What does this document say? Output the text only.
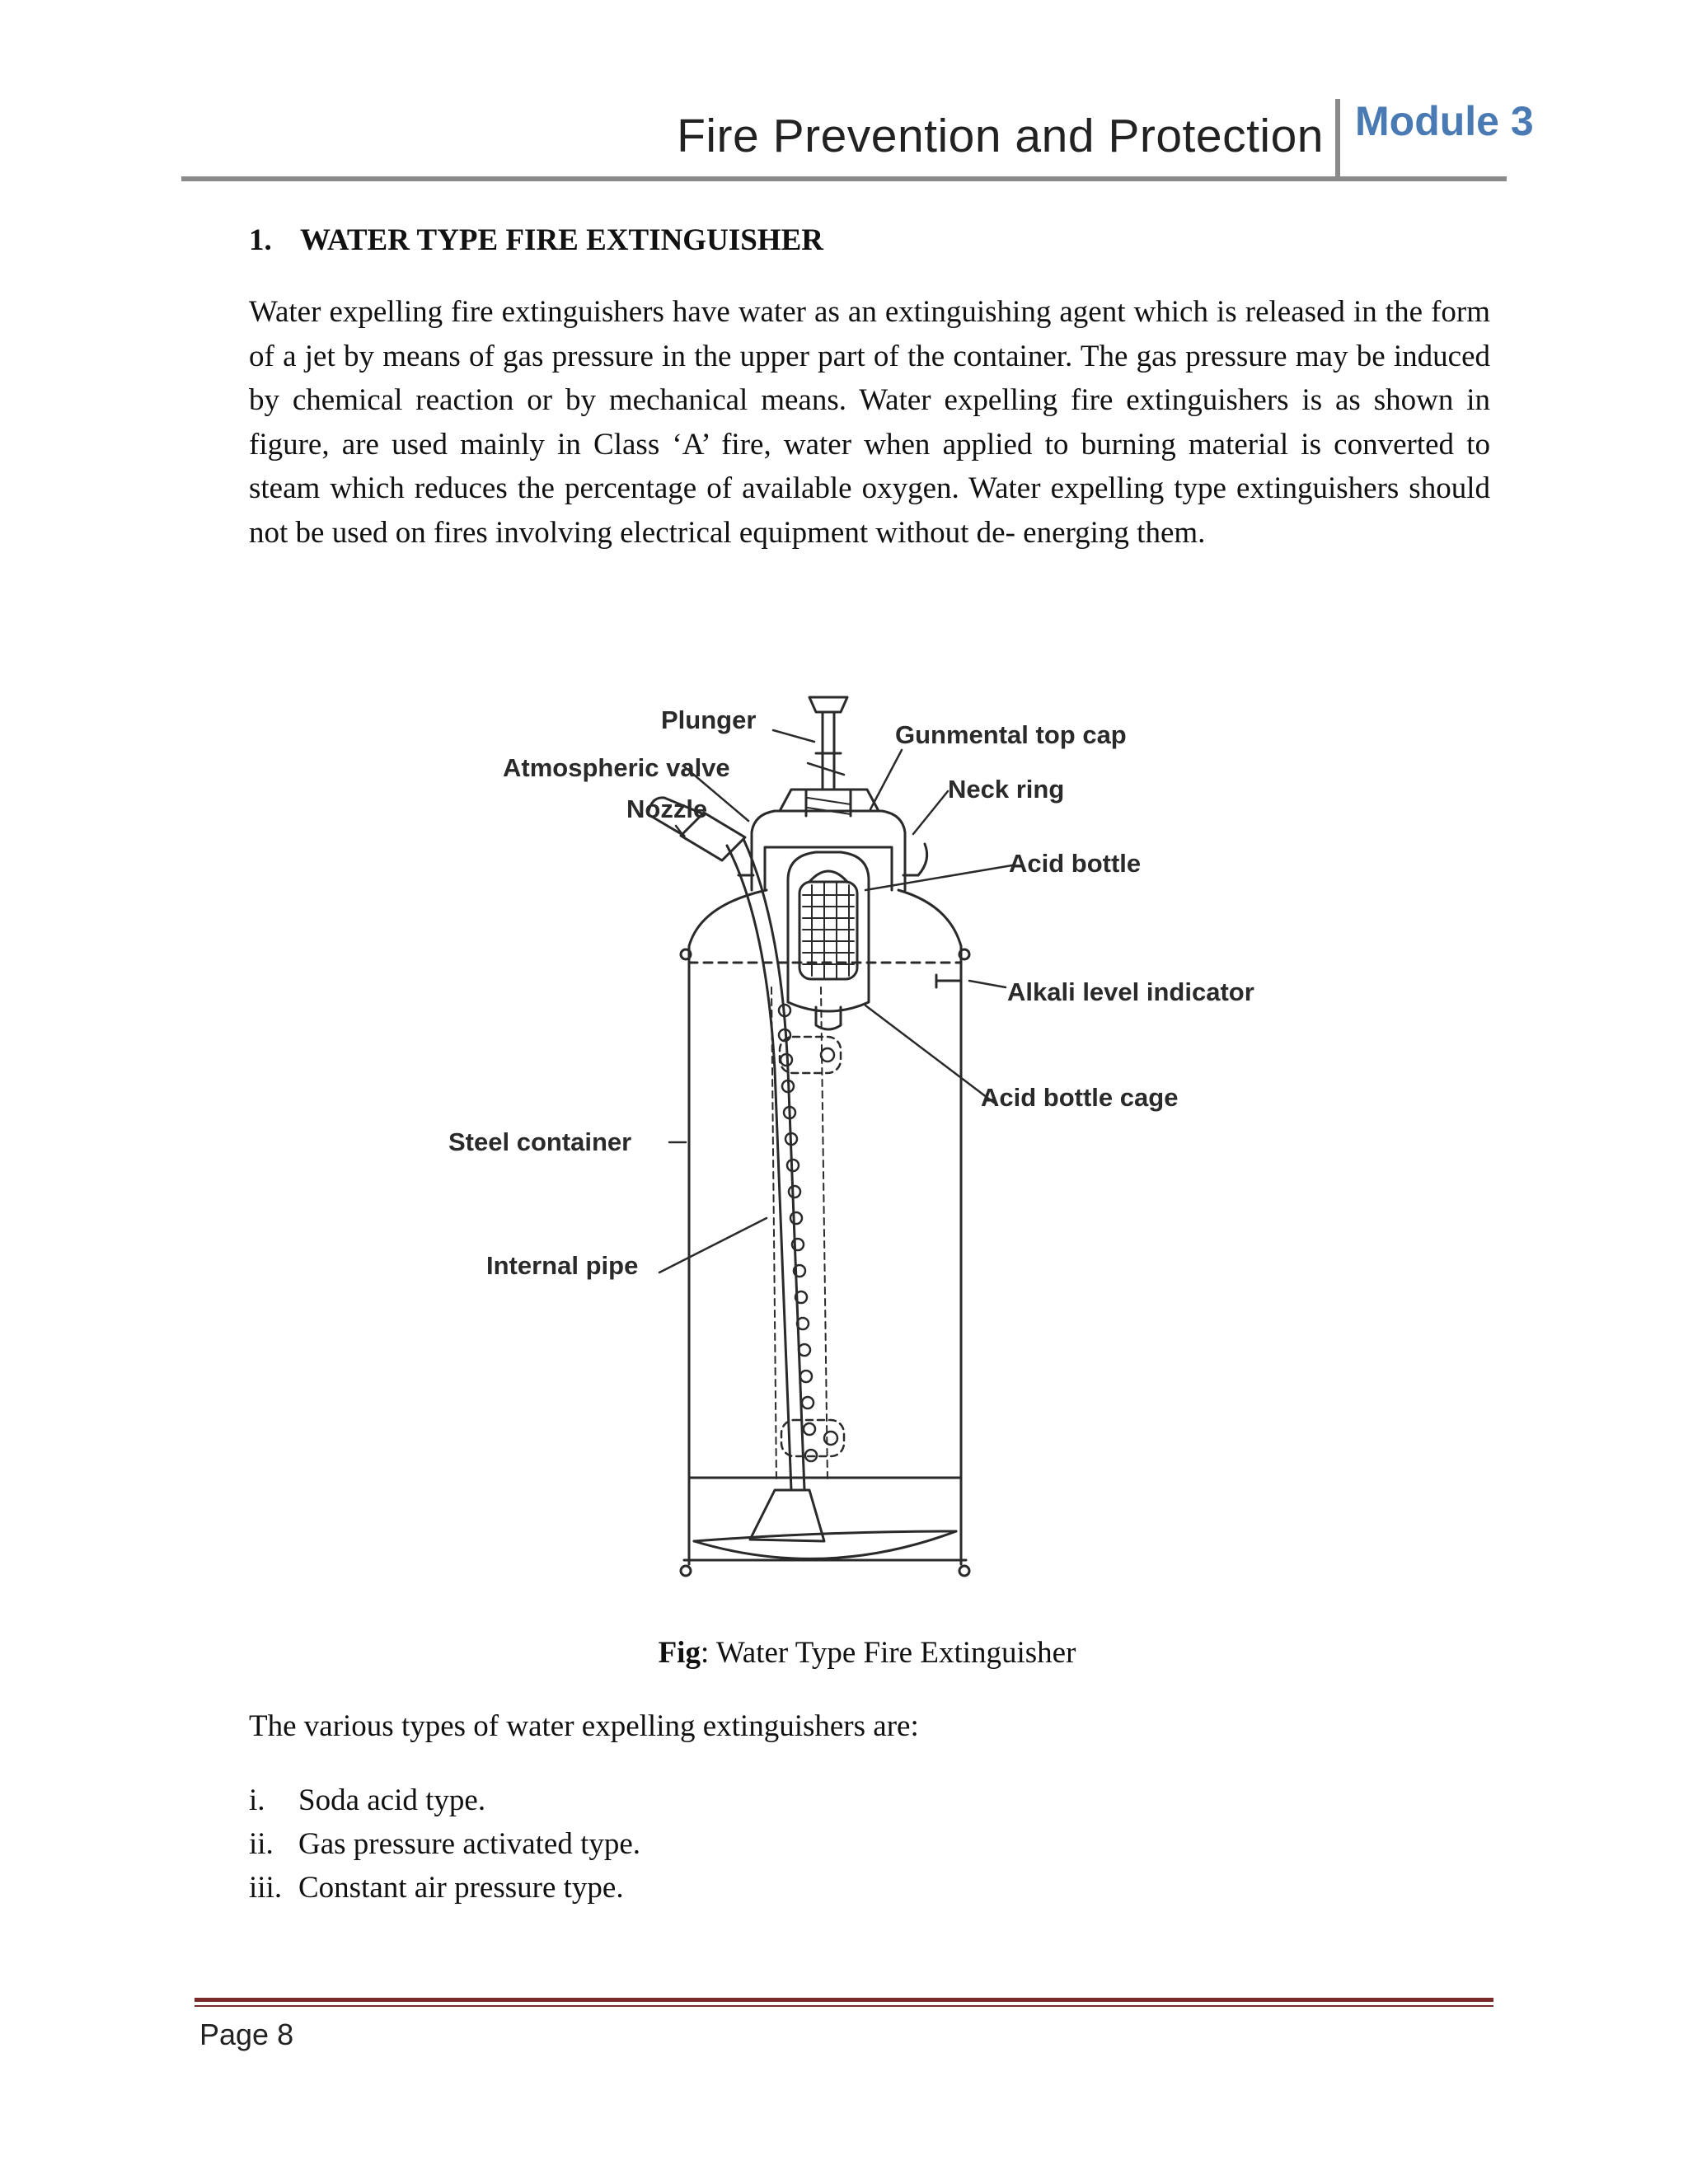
Fire Prevention and Protection Module 3
1. WATER TYPE FIRE EXTINGUISHER

Water expelling fire extinguishers have water as an extinguishing agent which is released in the form of a jet by means of gas pressure in the upper part of the container. The gas pressure may be induced by chemical reaction or by mechanical means. Water expelling fire extinguishers is as shown in figure, are used mainly in Class ‘A’ fire, water when applied to burning material is converted to steam which reduces the percentage of available oxygen. Water expelling type extinguishers should not be used on fires involving electrical equipment without de- energing them.

Plunger
Atmospheric valve
Nozzle
Gunmental top cap
Neck ring
Acid bottle
Alkali level indicator
Acid bottle cage
Steel container
Internal pipe
Fig: Water Type Fire Extinguisher
The various types of water expelling extinguishers are:
i. Soda acid type.
ii. Gas pressure activated type.
iii. Constant air pressure type.
Page 8
